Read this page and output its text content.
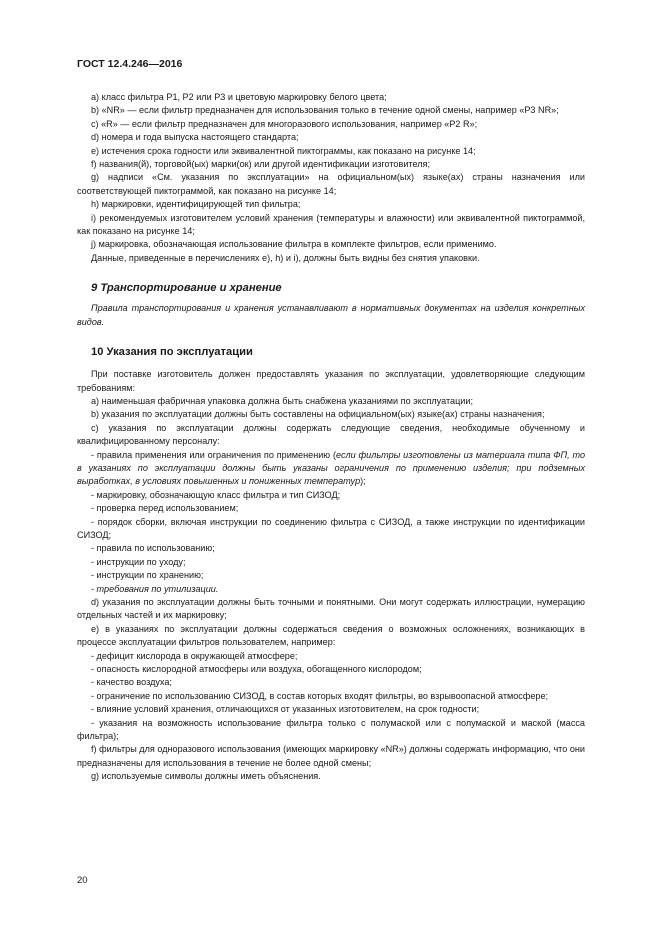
ГОСТ 12.4.246—2016

a) класс фильтра P1, P2 или P3 и цветовую маркировку белого цвета;

b) «NR» — если фильтр предназначен для использования только в течение одной смены, например «P3 NR»;

c) «R» — если фильтр предназначен для многоразового использования, например «P2 R»;

d) номера и года выпуска настоящего стандарта;

e) истечения срока годности или эквивалентной пиктограммы, как показано на рисунке 14;

f) названия(й), торговой(ых) марки(ок) или другой идентификации изготовителя;

g) надписи «См. указания по эксплуатации» на официальном(ых) языке(ах) страны назначения или соответствующей пиктограммой, как показано на рисунке 14;

h) маркировки, идентифицирующей тип фильтра;

i) рекомендуемых изготовителем условий хранения (температуры и влажности) или эквивалентной пиктограммой, как показано на рисунке 14;

j) маркировка, обозначающая использование фильтра в комплекте фильтров, если применимо.

Данные, приведенные в перечислениях е), h) и i), должны быть видны без снятия упаковки.

9 Транспортирование и хранение

Правила транспортирования и хранения устанавливают в нормативных документах на изделия конкретных видов.

10 Указания по эксплуатации

При поставке изготовитель должен предоставлять указания по эксплуатации, удовлетворяющие следующим требованиям:

a) наименьшая фабричная упаковка должна быть снабжена указаниями по эксплуатации;

b) указания по эксплуатации должны быть составлены на официальном(ых) языке(ах) страны назначения;

c) указания по эксплуатации должны содержать следующие сведения, необходимые обученному и квалифицированному персоналу:

- правила применения или ограничения по применению (если фильтры изготовлены из материала типа ФП, то в указаниях по эксплуатации должны быть указаны ограничения по применению изделия; при подземных выработках, в условиях повышенных и пониженных температур);

- маркировку, обозначающую класс фильтра и тип СИЗОД;

- проверка перед использованием;

- порядок сборки, включая инструкции по соединению фильтра с СИЗОД, а также инструкции по идентификации СИЗОД;

- правила по использованию;

- инструкции по уходу;

- инструкции по хранению;

- требования по утилизации.

d) указания по эксплуатации должны быть точными и понятными. Они могут содержать иллюстрации, нумерацию отдельных частей и их маркировку;

e) в указаниях по эксплуатации должны содержаться сведения о возможных осложнениях, возникающих в процессе эксплуатации фильтров пользователем, например:

- дефицит кислорода в окружающей атмосфере;

- опасность кислородной атмосферы или воздуха, обогащенного кислородом;

- качество воздуха;

- ограничение по использованию СИЗОД, в состав которых входят фильтры, во взрывоопасной атмосфере;

- влияние условий хранения, отличающихся от указанных изготовителем, на срок годности;

- указания на возможность использование фильтра только с полумаской или с полумаской и маской (масса фильтра);

f) фильтры для одноразового использования (имеющих маркировку «NR») должны содержать информацию, что они предназначены для использования в течение не более одной смены;

g) используемые символы должны иметь объяснения.

20
